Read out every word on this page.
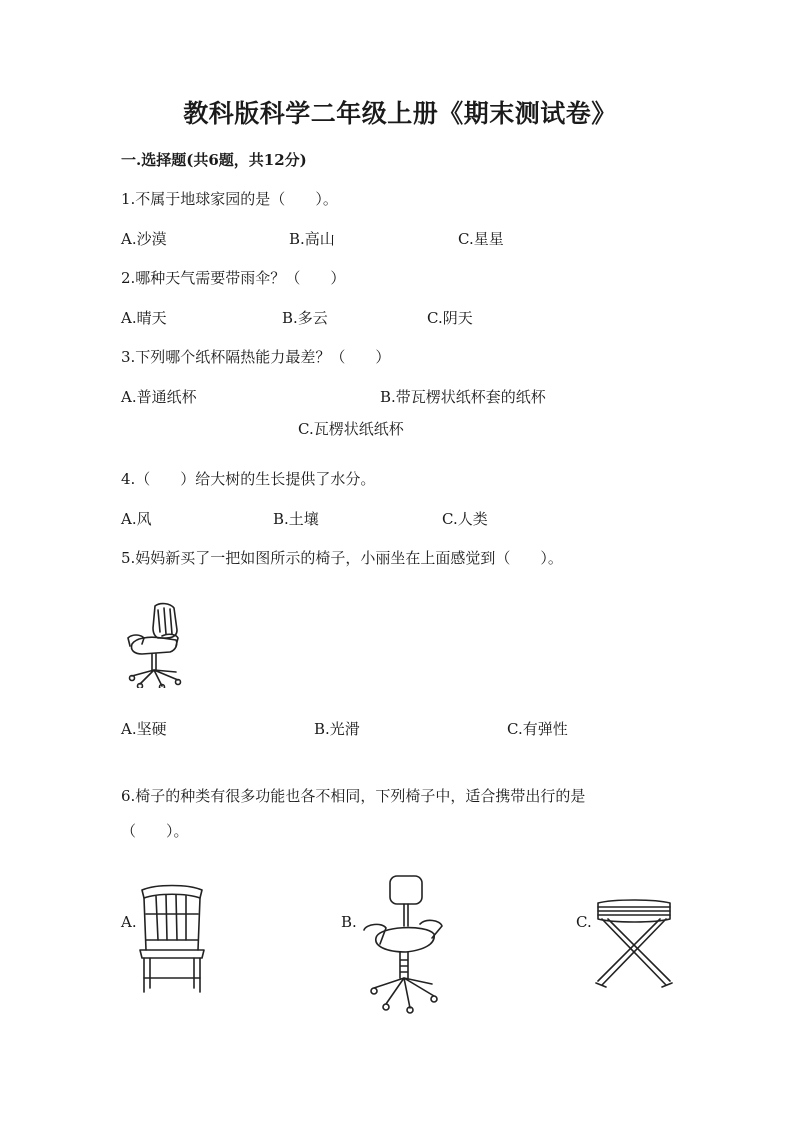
教科版科学二年级上册《期末测试卷》
一.选择题(共6题，共12分)
1.不属于地球家园的是（　　）。
A.沙漠	B.高山	C.星星
2.哪种天气需要带雨伞？（　　）
A.晴天	B.多云	C.阴天
3.下列哪个纸杯隔热能力最差？（　　）
A.普通纸杯	B.带瓦楞状纸杯套的纸杯
C.瓦楞状纸纸杯
4.（　　）给大树的生长提供了水分。
A.风	B.土壤	C.人类
5.妈妈新买了一把如图所示的椅子，小丽坐在上面感觉到（　　）。
A.坚硬	B.光滑	C.有弹性
6.椅子的种类有很多功能也各不相同，下列椅子中，适合携带出行的是
（　　）。
A.	B.	C.
